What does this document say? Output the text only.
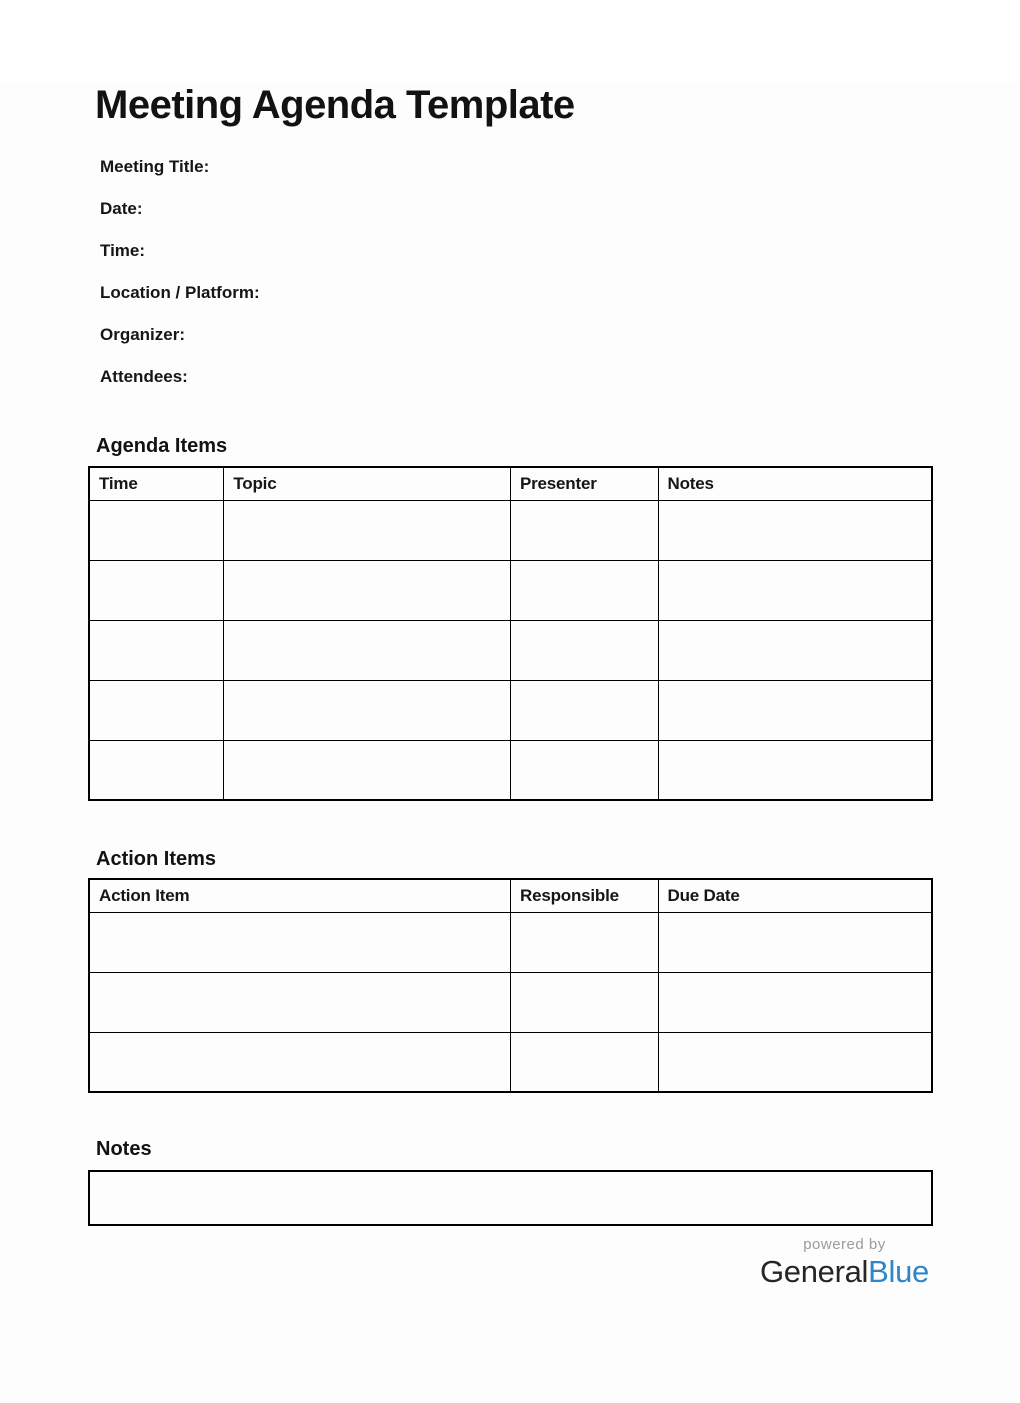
Meeting Agenda Template

Meeting Title:

Date:

Time:

Location / Platform:

Organizer:

Attendees:

Agenda Items
Time	Topic	Presenter	Notes

Action Items
Action Item	Responsible	Due Date

Notes
powered by
GeneralBlue
